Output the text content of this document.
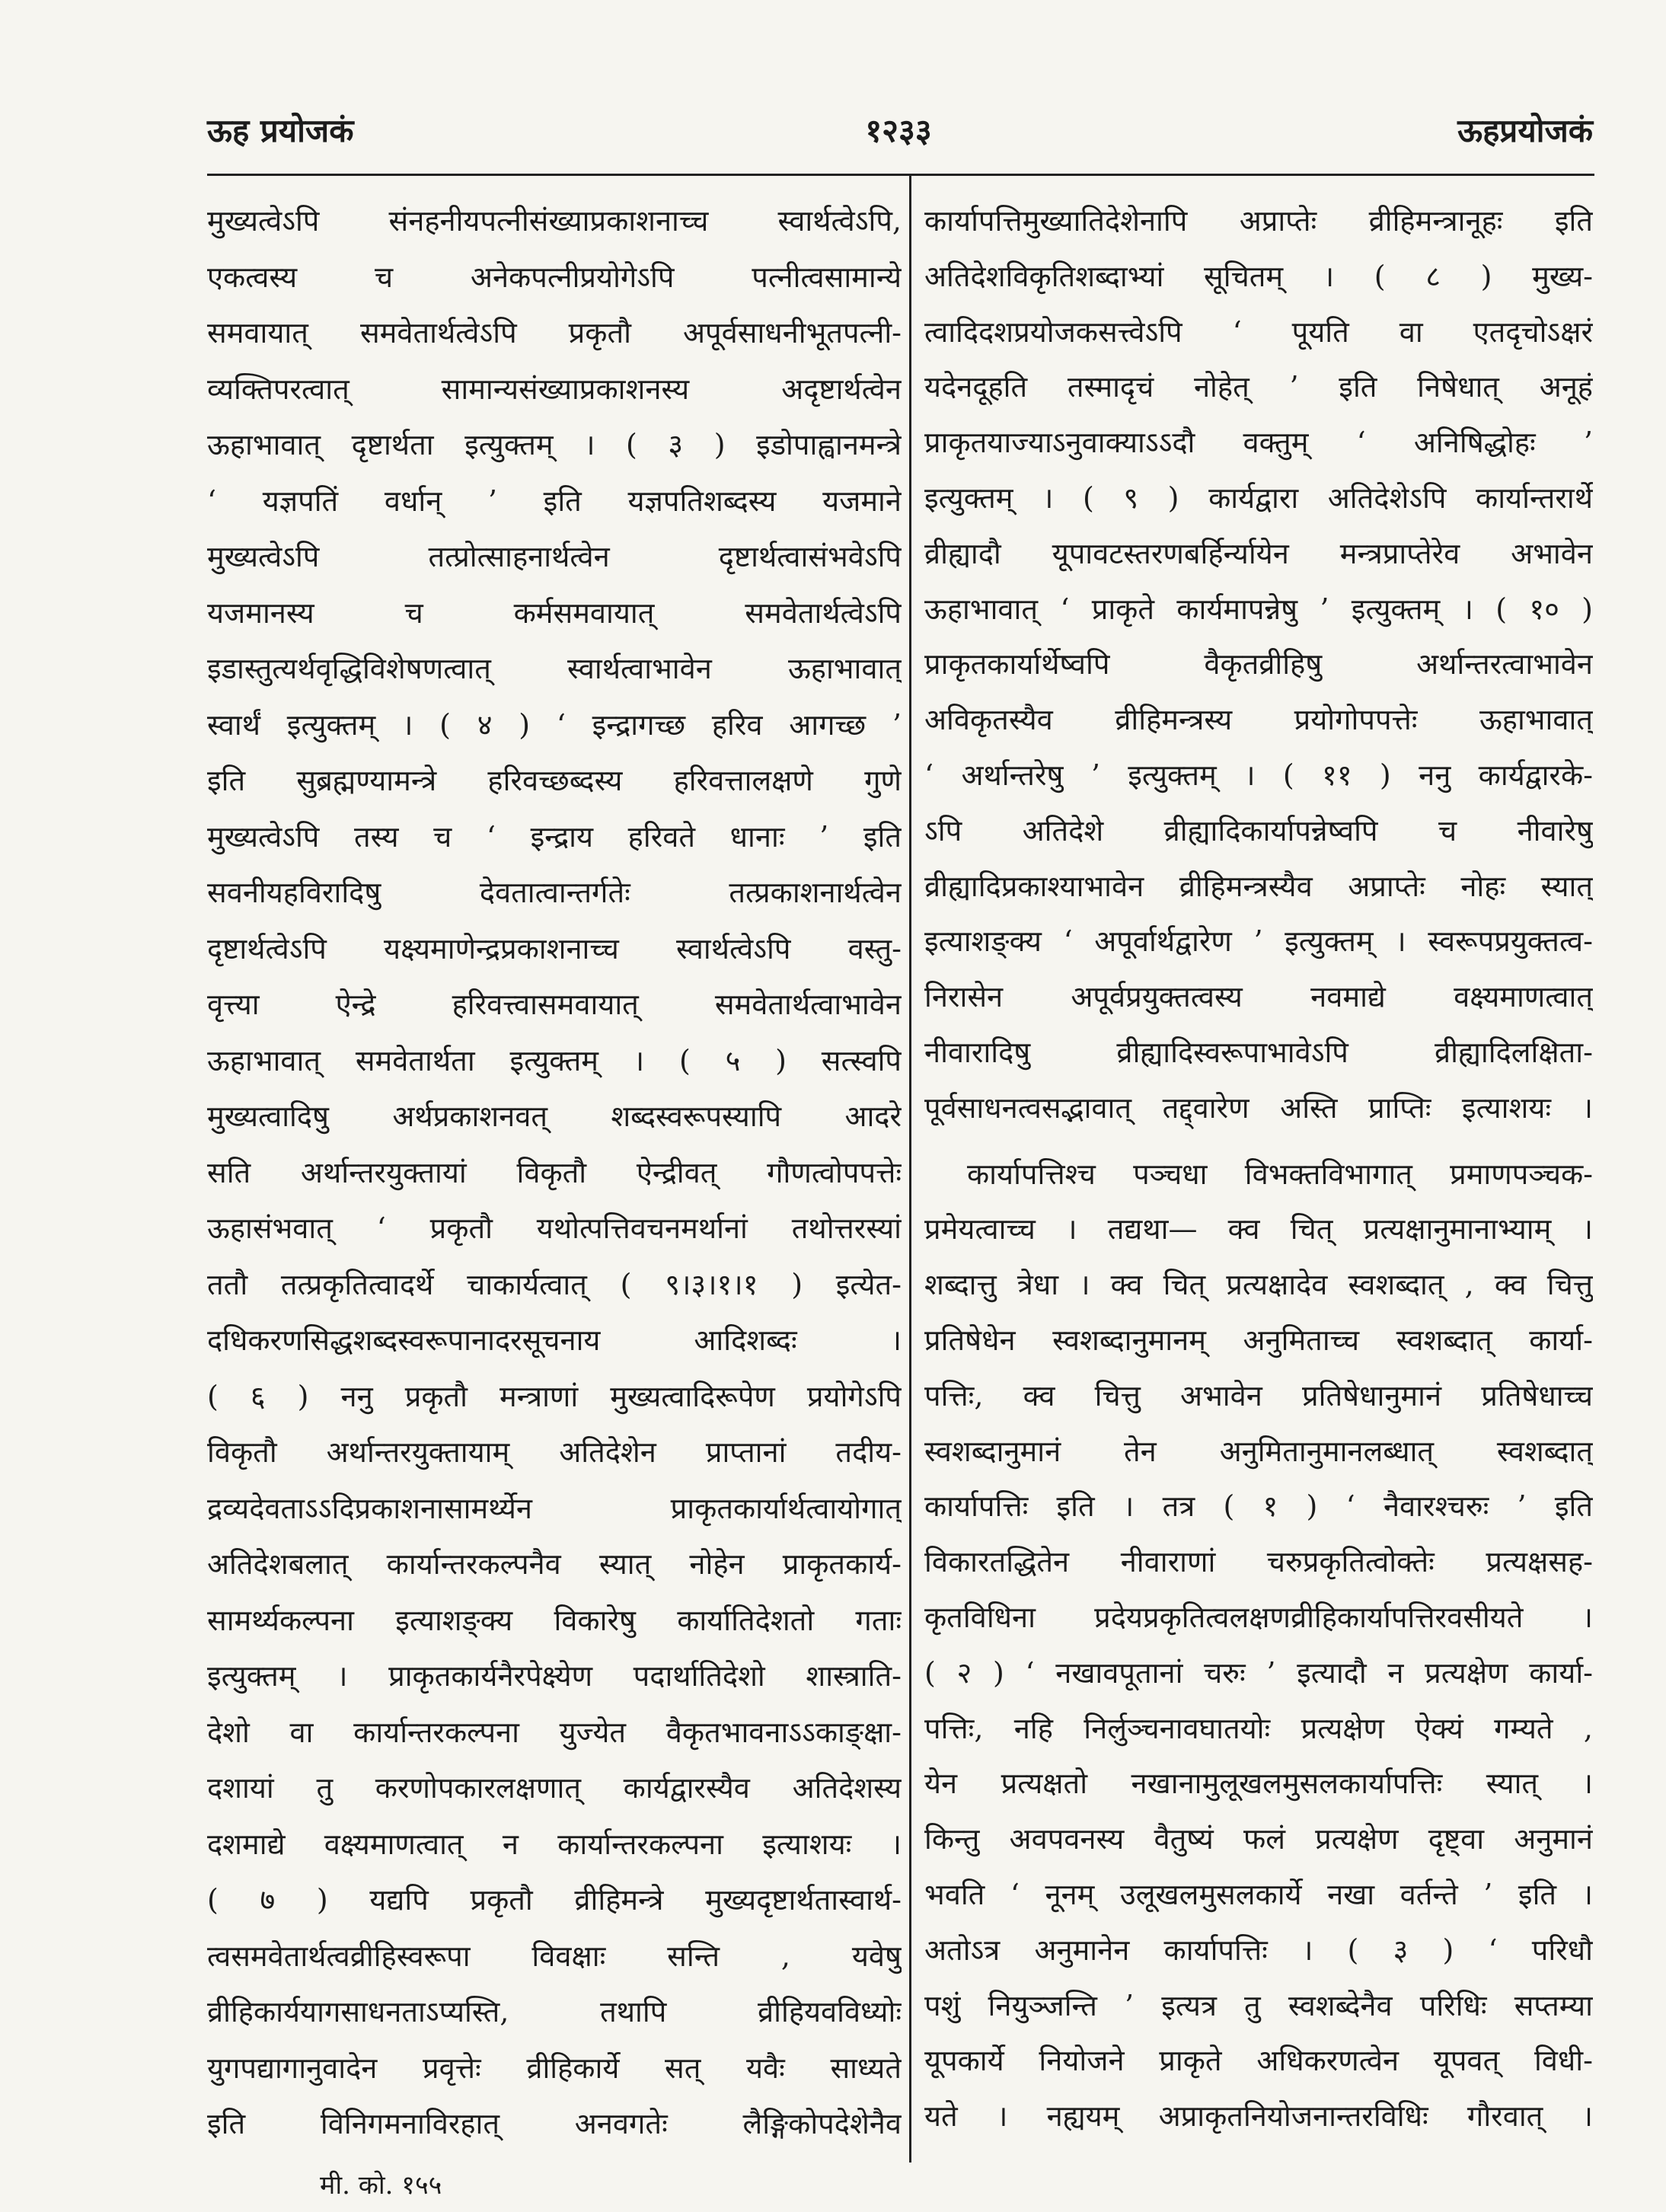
ऊह प्रयोजकं	१२३३	ऊहप्रयोजकं
मुख्यत्वेऽपि संनहनीयपत्नीसंख्याप्रकाशनाच्च स्वार्थत्वेऽपि,
एकत्वस्य च अनेकपत्नीप्रयोगेऽपि पत्नीत्वसामान्ये
समवायात् समवेतार्थत्वेऽपि प्रकृतौ अपूर्वसाधनीभूतपत्नी-
व्यक्तिपरत्वात् सामान्यसंख्याप्रकाशनस्य अदृष्टार्थत्वेन
ऊहाभावात् दृष्टार्थता इत्युक्तम् । ( ३ ) इडोपाह्वानमन्त्रे
‘ यज्ञपतिं वर्धान् ’ इति यज्ञपतिशब्दस्य यजमाने
मुख्यत्वेऽपि तत्प्रोत्साहनार्थत्वेन दृष्टार्थत्वासंभवेऽपि
यजमानस्य च कर्मसमवायात् समवेतार्थत्वेऽपि
इडास्तुत्यर्थवृद्धिविशेषणत्वात् स्वार्थत्वाभावेन ऊहाभावात्
स्वार्थं इत्युक्तम् । ( ४ ) ‘ इन्द्रागच्छ हरिव आगच्छ ’
इति सुब्रह्मण्यामन्त्रे हरिवच्छब्दस्य हरिवत्तालक्षणे गुणे
मुख्यत्वेऽपि तस्य च ‘ इन्द्राय हरिवते धानाः ’ इति
सवनीयहविरादिषु देवतात्वान्तर्गतेः तत्प्रकाशनार्थत्वेन
दृष्टार्थत्वेऽपि यक्ष्यमाणेन्द्रप्रकाशनाच्च स्वार्थत्वेऽपि वस्तु-
वृत्त्या ऐन्द्रे हरिवत्त्वासमवायात् समवेतार्थत्वाभावेन
ऊहाभावात् समवेतार्थता इत्युक्तम् । ( ५ ) सत्स्वपि
मुख्यत्वादिषु अर्थप्रकाशनवत् शब्दस्वरूपस्यापि आदरे
सति अर्थान्तरयुक्तायां विकृतौ ऐन्द्रीवत् गौणत्वोपपत्तेः
ऊहासंभवात् ‘ प्रकृतौ यथोत्पत्तिवचनमर्थानां तथोत्तरस्यां
ततौ तत्प्रकृतित्वादर्थे चाकार्यत्वात् ( ९।३।१।१ ) इत्येत-
दधिकरणसिद्धशब्दस्वरूपानादरसूचनाय आदिशब्दः ।
( ६ ) ननु प्रकृतौ मन्त्राणां मुख्यत्वादिरूपेण प्रयोगेऽपि
विकृतौ अर्थान्तरयुक्तायाम् अतिदेशेन प्राप्तानां तदीय-
द्रव्यदेवताऽऽदिप्रकाशनासामर्थ्येन प्राकृतकार्यार्थत्वायोगात्
अतिदेशबलात् कार्यान्तरकल्पनैव स्यात् नोहेन प्राकृतकार्य-
सामर्थ्यकल्पना इत्याशङ्क्य विकारेषु कार्यातिदेशतो गताः
इत्युक्तम् । प्राकृतकार्यनैरपेक्ष्येण पदार्थातिदेशो शास्त्राति-
देशो वा कार्यान्तरकल्पना युज्येत वैकृतभावनाऽऽकाङ्क्षा-
दशायां तु करणोपकारलक्षणात् कार्यद्वारस्यैव अतिदेशस्य
दशमाद्ये वक्ष्यमाणत्वात् न कार्यान्तरकल्पना इत्याशयः ।
( ७ ) यद्यपि प्रकृतौ व्रीहिमन्त्रे मुख्यदृष्टार्थतास्वार्थ-
त्वसमवेतार्थत्वव्रीहिस्वरूपा विवक्षाः सन्ति , यवेषु
व्रीहिकार्ययागसाधनताऽप्यस्ति, तथापि व्रीहियवविध्योः
युगपद्यागानुवादेन प्रवृत्तेः व्रीहिकार्ये सत् यवैः साध्यते
इति विनिगमनाविरहात् अनवगतेः लैङ्गिकोपदेशेनैव
कार्यापत्तिमुख्यातिदेशेनापि अप्राप्तेः व्रीहिमन्त्रानूहः इति
अतिदेशविकृतिशब्दाभ्यां सूचितम् । ( ८ ) मुख्य-
त्वादिदशप्रयोजकसत्त्वेऽपि ‘ पूयति वा एतदृचोऽक्षरं
यदेनदूहति तस्मादृचं नोहेत् ’ इति निषेधात् अनूहं
प्राकृतयाज्याऽनुवाक्याऽऽदौ वक्तुम् ‘ अनिषिद्धोहः ’
इत्युक्तम् । ( ९ ) कार्यद्वारा अतिदेशेऽपि कार्यान्तरार्थे
व्रीह्यादौ यूपावटस्तरणबर्हिर्न्यायेन मन्त्रप्राप्तेरेव अभावेन
ऊहाभावात् ‘ प्राकृते कार्यमापन्नेषु ’ इत्युक्तम् । ( १० )
प्राकृतकार्यार्थेष्वपि वैकृतव्रीहिषु अर्थान्तरत्वाभावेन
अविकृतस्यैव व्रीहिमन्त्रस्य प्रयोगोपपत्तेः ऊहाभावात्
‘ अर्थान्तरेषु ’ इत्युक्तम् । ( ११ ) ननु कार्यद्वारके-
ऽपि अतिदेशे व्रीह्यादिकार्यापन्नेष्वपि च नीवारेषु
व्रीह्यादिप्रकाश्याभावेन व्रीहिमन्त्रस्यैव अप्राप्तेः नोहः स्यात्
इत्याशङ्क्य ‘ अपूर्वार्थद्वारेण ’ इत्युक्तम् । स्वरूपप्रयुक्तत्व-
निरासेन अपूर्वप्रयुक्तत्वस्य नवमाद्ये वक्ष्यमाणत्वात्
नीवारादिषु व्रीह्यादिस्वरूपाभावेऽपि व्रीह्यादिलक्षिता-
पूर्वसाधनत्वसद्भावात् तद्द्वारेण अस्ति प्राप्तिः इत्याशयः ।
कार्यापत्तिश्च पञ्चधा विभक्तविभागात् प्रमाणपञ्चक-
प्रमेयत्वाच्च । तद्यथा— क्व चित् प्रत्यक्षानुमानाभ्याम् ।
शब्दात्तु त्रेधा । क्व चित् प्रत्यक्षादेव स्वशब्दात् , क्व चित्तु
प्रतिषेधेन स्वशब्दानुमानम् अनुमिताच्च स्वशब्दात् कार्या-
पत्तिः, क्व चित्तु अभावेन प्रतिषेधानुमानं प्रतिषेधाच्च
स्वशब्दानुमानं तेन अनुमितानुमानलब्धात् स्वशब्दात्
कार्यापत्तिः इति । तत्र ( १ ) ‘ नैवारश्चरुः ’ इति
विकारतद्धितेन नीवाराणां चरुप्रकृतित्वोक्तेः प्रत्यक्षसह-
कृतविधिना प्रदेयप्रकृतित्वलक्षणव्रीहिकार्यापत्तिरवसीयते ।
( २ ) ‘ नखावपूतानां चरुः ’ इत्यादौ न प्रत्यक्षेण कार्या-
पत्तिः, नहि निर्लुञ्चनावघातयोः प्रत्यक्षेण ऐक्यं गम्यते ,
येन प्रत्यक्षतो नखानामुलूखलमुसलकार्यापत्तिः स्यात् ।
किन्तु अवपवनस्य वैतुष्यं फलं प्रत्यक्षेण दृष्ट्वा अनुमानं
भवति ‘ नूनम् उलूखलमुसलकार्ये नखा वर्तन्ते ’ इति ।
अतोऽत्र अनुमानेन कार्यापत्तिः । ( ३ ) ‘ परिधौ
पशुं नियुञ्जन्ति ’ इत्यत्र तु स्वशब्देनैव परिधिः सप्तम्या
यूपकार्ये नियोजने प्राकृते अधिकरणत्वेन यूपवत् विधी-
यते । नह्ययम् अप्राकृतनियोजनान्तरविधिः गौरवात् ।
मी. को. १५५
